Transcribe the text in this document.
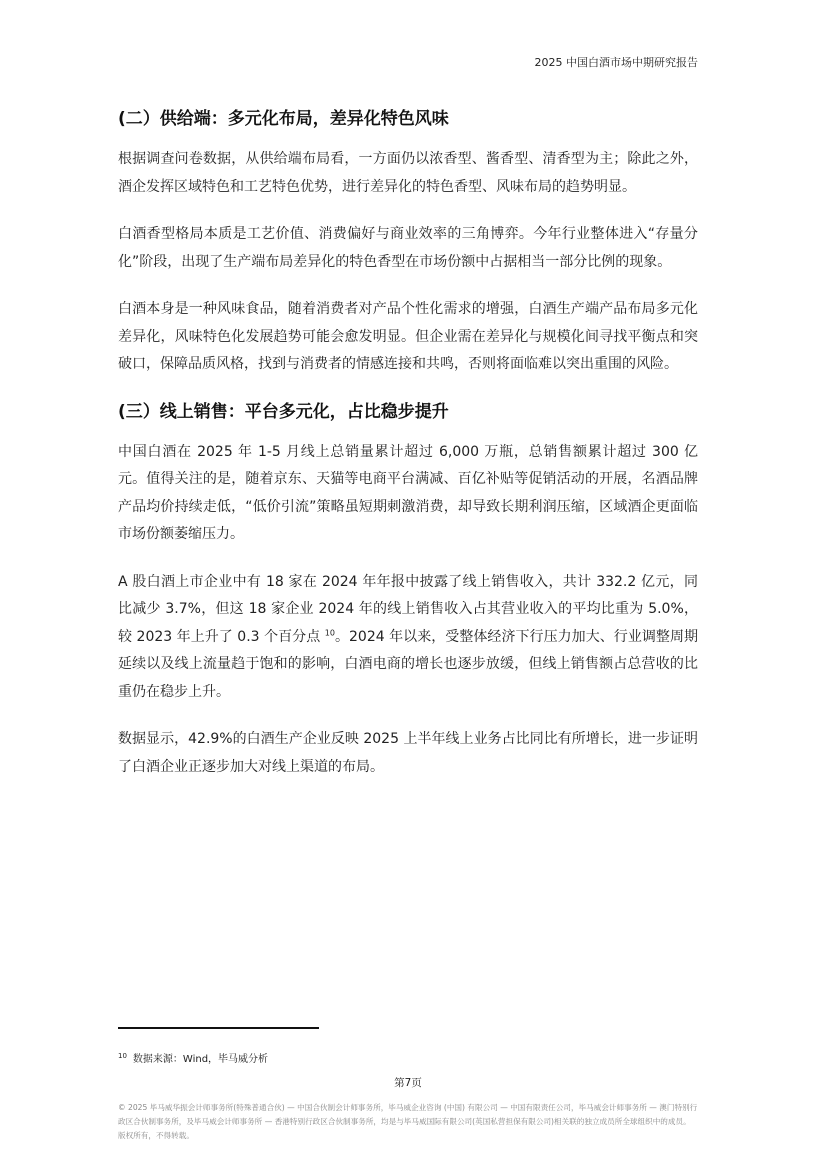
2025 中国白酒市场中期研究报告
(二）供给端：多元化布局，差异化特色风味

根据调查问卷数据，从供给端布局看，一方面仍以浓香型、酱香型、清香型为主；除此之外，酒企发挥区域特色和工艺特色优势，进行差异化的特色香型、风味布局的趋势明显。

白酒香型格局本质是工艺价值、消费偏好与商业效率的三角博弈。今年行业整体进入“存量分化”阶段，出现了生产端布局差异化的特色香型在市场份额中占据相当一部分比例的现象。

白酒本身是一种风味食品，随着消费者对产品个性化需求的增强，白酒生产端产品布局多元化差异化，风味特色化发展趋势可能会愈发明显。但企业需在差异化与规模化间寻找平衡点和突破口，保障品质风格，找到与消费者的情感连接和共鸣，否则将面临难以突出重围的风险。

(三）线上销售：平台多元化，占比稳步提升

中国白酒在 2025 年 1-5 月线上总销量累计超过 6,000 万瓶，总销售额累计超过 300 亿元。值得关注的是，随着京东、天猫等电商平台满减、百亿补贴等促销活动的开展，名酒品牌产品均价持续走低，“低价引流”策略虽短期刺激消费，却导致长期利润压缩，区域酒企更面临市场份额萎缩压力。

A 股白酒上市企业中有 18 家在 2024 年年报中披露了线上销售收入，共计 332.2 亿元，同比减少 3.7%，但这 18 家企业 2024 年的线上销售收入占其营业收入的平均比重为 5.0%，较 2023 年上升了 0.3 个百分点 $^{10}$。2024 年以来，受整体经济下行压力加大、行业调整周期延续以及线上流量趋于饱和的影响，白酒电商的增长也逐步放缓，但线上销售额占总营收的比重仍在稳步上升。

数据显示，42.9%的白酒生产企业反映 2025 上半年线上业务占比同比有所增长，进一步证明了白酒企业正逐步加大对线上渠道的布局。

$^{10}$ 数据来源：Wind，毕马威分析
第7页
© 2025 毕马威华振会计师事务所(特殊普通合伙) — 中国合伙制会计师事务所，毕马威企业咨询 (中国) 有限公司 — 中国有限责任公司，毕马威会计师事务所 — 澳门特别行政区合伙制事务所，及毕马威会计师事务所 — 香港特别行政区合伙制事务所，均是与毕马威国际有限公司(英国私营担保有限公司)相关联的独立成员所全球组织中的成员。版权所有，不得转载。
